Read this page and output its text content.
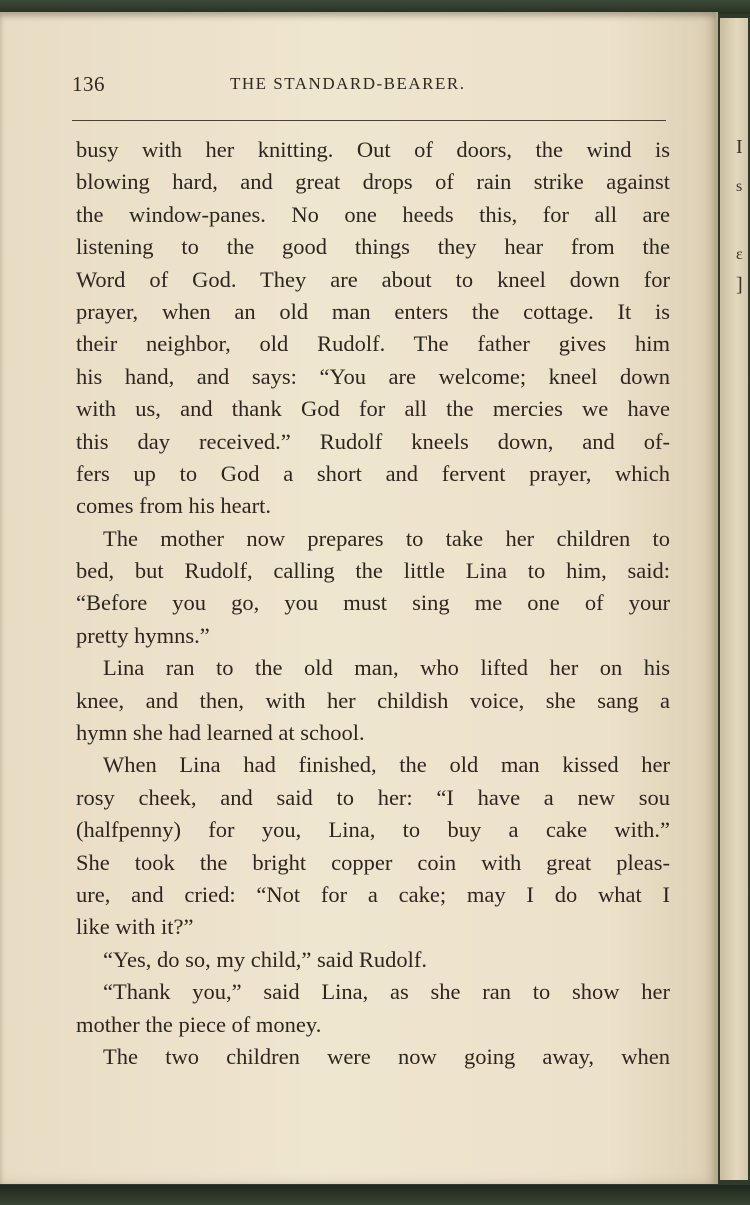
136	THE STANDARD-BEARER.
busy with her knitting. Out of doors, the wind is
blowing hard, and great drops of rain strike against
the window-panes. No one heeds this, for all are
listening to the good things they hear from the
Word of God. They are about to kneel down for
prayer, when an old man enters the cottage. It is
their neighbor, old Rudolf. The father gives him
his hand, and says: “You are welcome; kneel down
with us, and thank God for all the mercies we have
this day received.” Rudolf kneels down, and of-
fers up to God a short and fervent prayer, which
comes from his heart.
The mother now prepares to take her children to
bed, but Rudolf, calling the little Lina to him, said:
“Before you go, you must sing me one of your
pretty hymns.”
Lina ran to the old man, who lifted her on his
knee, and then, with her childish voice, she sang a
hymn she had learned at school.
When Lina had finished, the old man kissed her
rosy cheek, and said to her: “I have a new sou
(halfpenny) for you, Lina, to buy a cake with.”
She took the bright copper coin with great pleas-
ure, and cried: “Not for a cake; may I do what I
like with it?”
“Yes, do so, my child,” said Rudolf.
“Thank you,” said Lina, as she ran to show her
mother the piece of money.
The two children were now going away, when
I
s
ε
]
